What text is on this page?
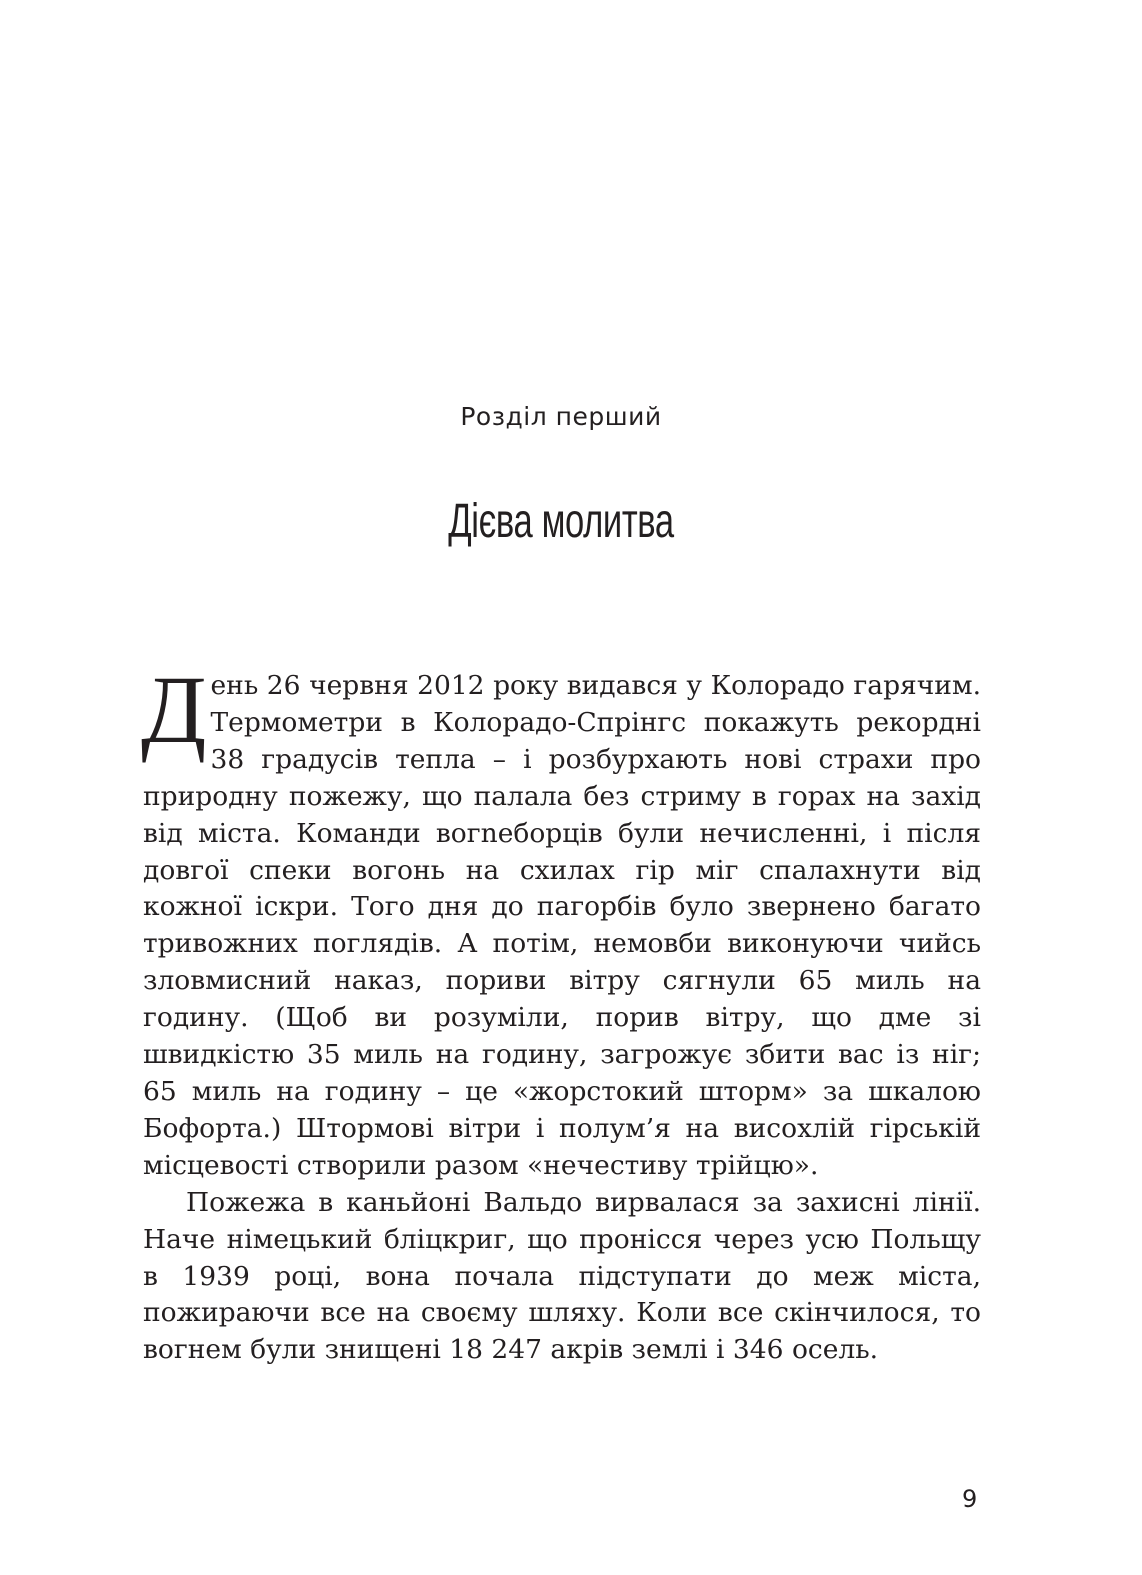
Розділ перший
Дієва молитва

День 26 червня 2012 року видався у Колорадо гарячим. Термометри в Колорадо-Спрінгс покажуть рекордні 38 градусів тепла – і розбурхають нові страхи про природну пожежу, що палала без стриму в горах на захід від міста. Команди вогneборців були нечисленні, і після довгої спеки вогонь на схилах гір міг спалахнути від кожної іскри. Того дня до пагорбів було звернено багато тривожних поглядів. А потім, немовби виконуючи чийсь зловмисний наказ, пориви вітру сягнули 65 миль на годину. (Щоб ви розуміли, порив вітру, що дме зі швидкістю 35 миль на годину, загрожує збити вас із ніг; 65 миль на годину – це «жорстокий шторм» за шкалою Бофорта.) Штормові вітри і полум’я на висохлій гірській місцевості створили разом «нечестиву трійцю».

Пожежа в каньйоні Вальдо вирвалася за захисні лінії. Наче німецький бліцкриг, що пронісся через усю Польщу в 1939 році, вона почала підступати до меж міста, пожираючи все на своєму шляху. Коли все скінчилося, то вогнем були знищені 18 247 акрів землі і 346 осель.

9
